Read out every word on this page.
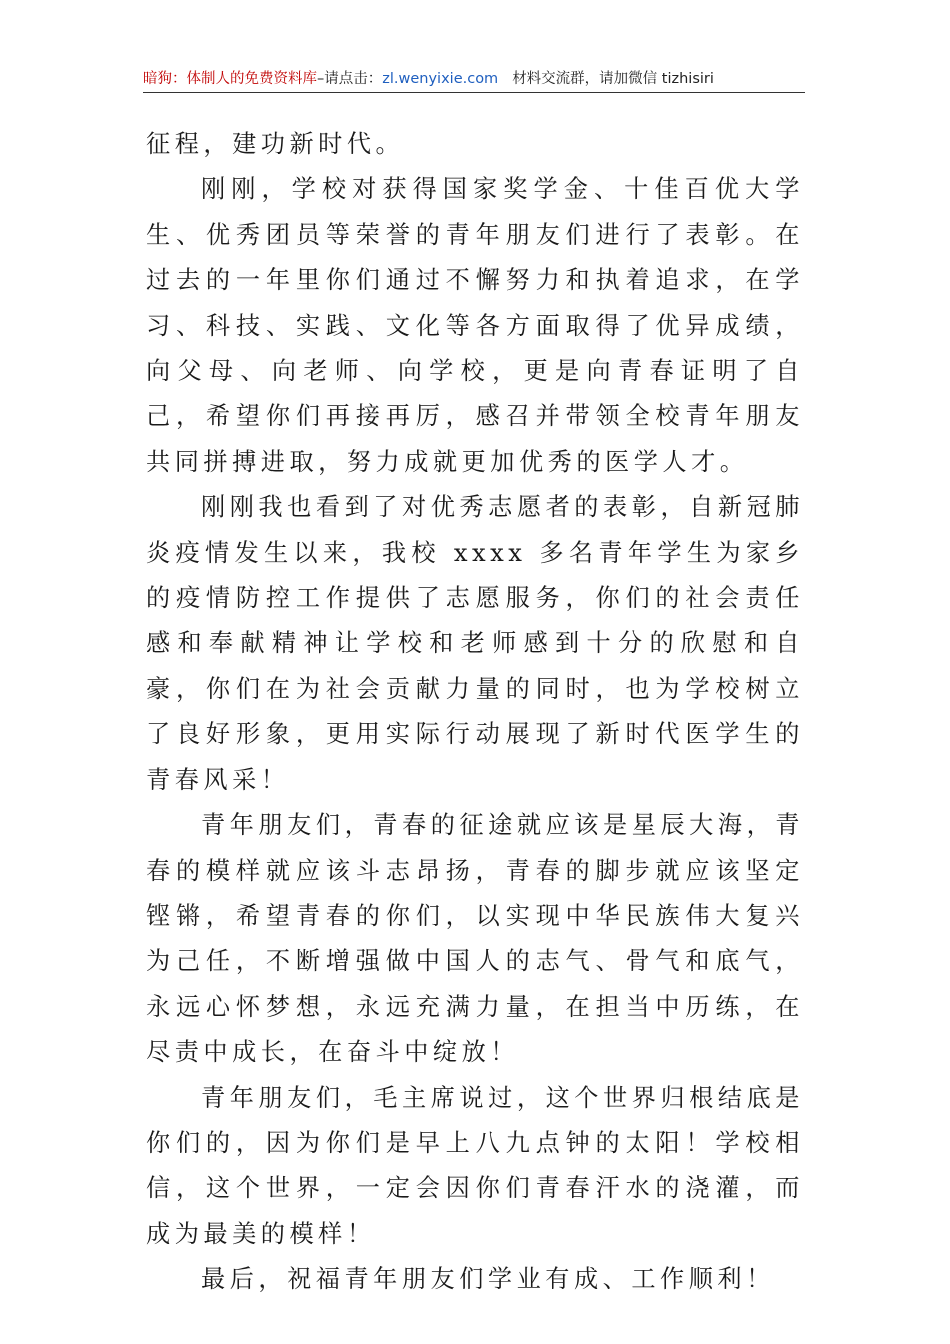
暗狗：体制人的免费资料库–请点击：zl.wenyixie.com 材料交流群，请加微信 tizhisiri

征程，建功新时代。

刚刚，学校对获得国家奖学金、十佳百优大学生、优秀团员等荣誉的青年朋友们进行了表彰。在过去的一年里你们通过不懈努力和执着追求，在学习、科技、实践、文化等各方面取得了优异成绩，向父母、向老师、向学校，更是向青春证明了自己，希望你们再接再厉，感召并带领全校青年朋友共同拼搏进取，努力成就更加优秀的医学人才。

刚刚我也看到了对优秀志愿者的表彰，自新冠肺炎疫情发生以来，我校 xxxx 多名青年学生为家乡的疫情防控工作提供了志愿服务，你们的社会责任感和奉献精神让学校和老师感到十分的欣慰和自豪，你们在为社会贡献力量的同时，也为学校树立了良好形象，更用实际行动展现了新时代医学生的青春风采！

青年朋友们，青春的征途就应该是星辰大海，青春的模样就应该斗志昂扬，青春的脚步就应该坚定铿锵，希望青春的你们，以实现中华民族伟大复兴为己任，不断增强做中国人的志气、骨气和底气，永远心怀梦想，永远充满力量，在担当中历练，在尽责中成长，在奋斗中绽放！

青年朋友们，毛主席说过，这个世界归根结底是你们的，因为你们是早上八九点钟的太阳！学校相信，这个世界，一定会因你们青春汗水的浇灌，而成为最美的模样！

最后，祝福青年朋友们学业有成、工作顺利！
